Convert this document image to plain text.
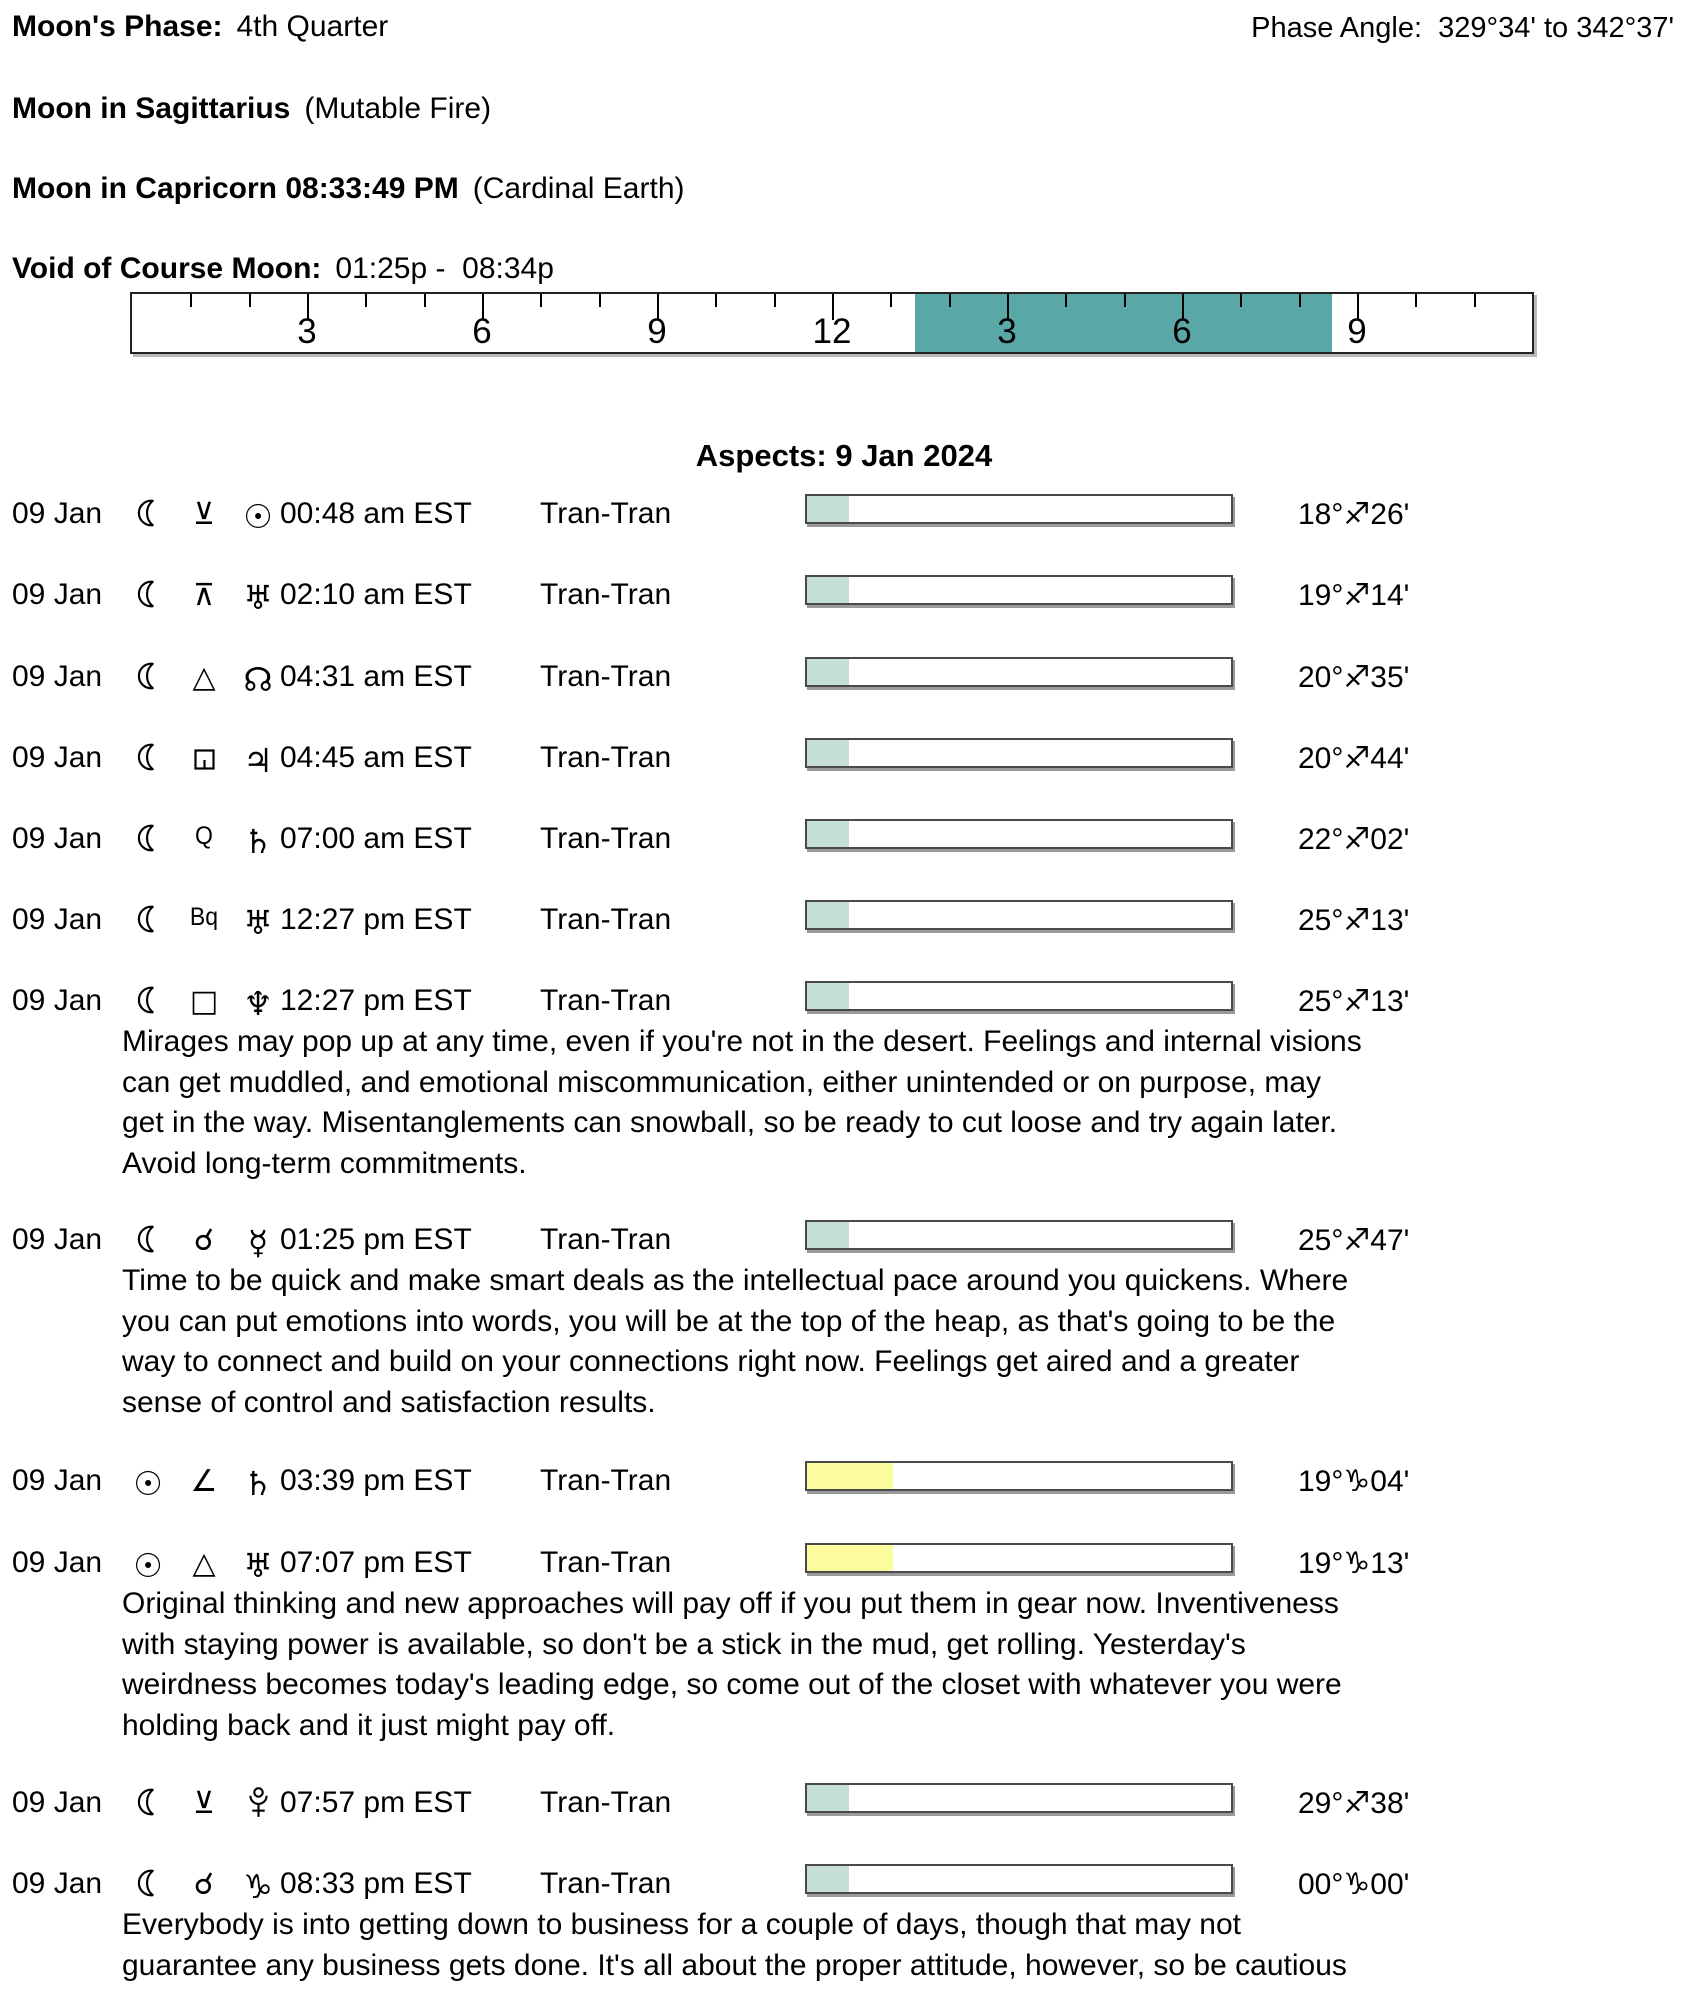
Moon's Phase: 4th Quarter	Phase Angle:  329°34' to 342°37'
Moon in Sagittarius (Mutable Fire)
Moon in Capricorn 08:33:49 PM (Cardinal Earth)
Void of Course Moon: 01:25p -  08:34p
3	6	9	12	3	6	9
Aspects: 9 Jan 2024
09 Jan	⊻ ☉ 00:48 am EST Tran-Tran	18°♐26'
09 Jan	⊼ ♅ 02:10 am EST Tran-Tran	19°♐14'
09 Jan	△ ☊ 04:31 am EST Tran-Tran	20°♐35'
09 Jan	♃ 04:45 am EST Tran-Tran	20°♐44'
09 Jan	Q ♄ 07:00 am EST Tran-Tran	22°♐02'
09 Jan	Bq ♅ 12:27 pm EST Tran-Tran	25°♐13'
09 Jan	□ ♆ 12:27 pm EST Tran-Tran	25°♐13'
Mirages may pop up at any time, even if you're not in the desert. Feelings and internal visions
can get muddled, and emotional miscommunication, either unintended or on purpose, may
get in the way. Misentanglements can snowball, so be ready to cut loose and try again later.
Avoid long-term commitments.
09 Jan	☌	☿ 01:25 pm EST Tran-Tran	25°♐47'
Time to be quick and make smart deals as the intellectual pace around you quickens. Where
you can put emotions into words, you will be at the top of the heap, as that's going to be the
way to connect and build on your connections right now. Feelings get aired and a greater
sense of control and satisfaction results.
09 Jan ☉ ∠ ♄ 03:39 pm EST Tran-Tran	19°♑04'
09 Jan ☉ △ ♅ 07:07 pm EST Tran-Tran	19°♑13'
Original thinking and new approaches will pay off if you put them in gear now. Inventiveness
with staying power is available, so don't be a stick in the mud, get rolling. Yesterday's
weirdness becomes today's leading edge, so come out of the closet with whatever you were
holding back and it just might pay off.
09 Jan	⊻	07:57 pm EST Tran-Tran	29°♐38'
09 Jan	☌ ♑ 08:33 pm EST Tran-Tran	00°♑00'
Everybody is into getting down to business for a couple of days, though that may not
guarantee any business gets done. It's all about the proper attitude, however, so be cautious
